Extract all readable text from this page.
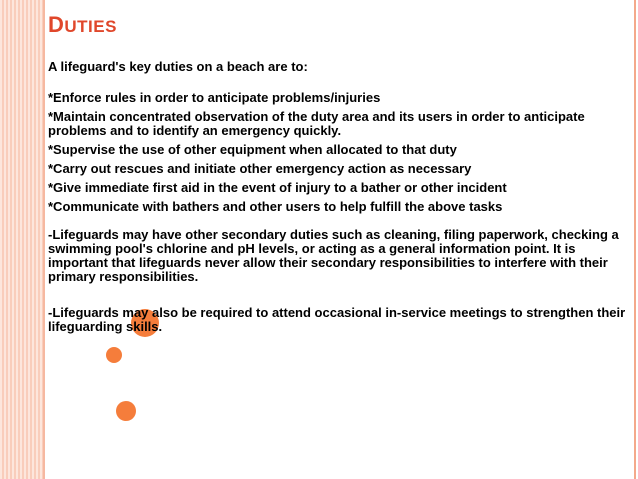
DUTIES

A lifeguard's key duties on a beach are to:

*Enforce rules in order to anticipate problems/injuries
*Maintain concentrated observation of the duty area and its users in order to anticipate problems and to identify an emergency quickly.
*Supervise the use of other equipment when allocated to that duty
*Carry out rescues and initiate other emergency action as necessary
*Give immediate first aid in the event of injury to a bather or other incident
*Communicate with bathers and other users to help fulfill the above tasks

-Lifeguards may have other secondary duties such as cleaning, filing paperwork, checking a swimming pool's chlorine and pH levels, or acting as a general information point. It is important that lifeguards never allow their secondary responsibilities to interfere with their primary responsibilities.

-Lifeguards may also be required to attend occasional in-service meetings to strengthen their lifeguarding skills.
